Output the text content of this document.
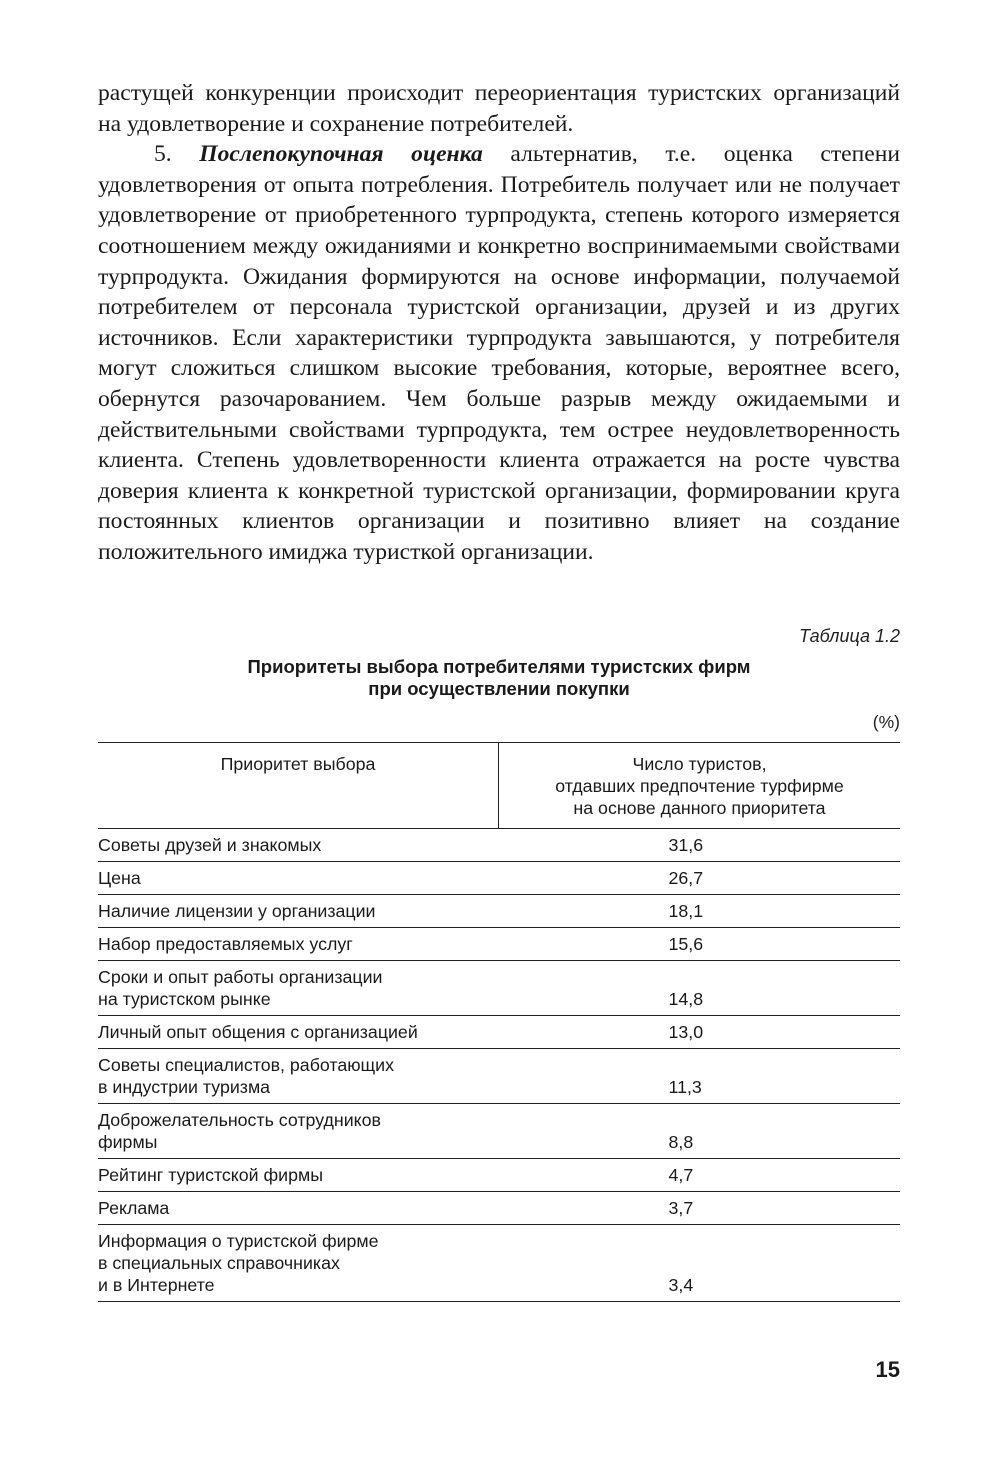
растущей конкуренции происходит переориентация туристских организаций на удовлетворение и сохранение потребителей.

5. Послепокупочная оценка альтернатив, т.е. оценка степени удовлетворения от опыта потребления. Потребитель получает или не получает удовлетворение от приобретенного турпродукта, степень которого измеряется соотношением между ожиданиями и конкретно воспринимаемыми свойствами турпродукта. Ожидания формируются на основе информации, получаемой потребителем от персонала туристской организации, друзей и из других источников. Если характеристики турпродукта завышаются, у потребителя могут сложиться слишком высокие требования, которые, вероятнее всего, обернутся разочарованием. Чем больше разрыв между ожидаемыми и действительными свойствами турпродукта, тем острее неудовлетворенность клиента. Степень удовлетворенности клиента отражается на росте чувства доверия клиента к конкретной туристской организации, формировании круга постоянных клиентов организации и позитивно влияет на создание положительного имиджа туристкой организации.

Таблица 1.2
Приоритеты выбора потребителями туристских фирм
при осуществлении покупки
(%)
Приоритет выбора	Число туристов,
отдавших предпочтение турфирме
на основе данного приоритета

Советы друзей и знакомых	31,6

Цена	26,7

Наличие лицензии у организации	18,1

Набор предоставляемых услуг	15,6

Сроки и опыт работы организации
на туристском рынке	14,8

Личный опыт общения с организацией	13,0

Советы специалистов, работающих
в индустрии туризма	11,3

Доброжелательность сотрудников
фирмы	8,8

Рейтинг туристской фирмы	4,7

Реклама	3,7

Информация о туристской фирме
в специальных справочниках
и в Интернете	3,4
15
